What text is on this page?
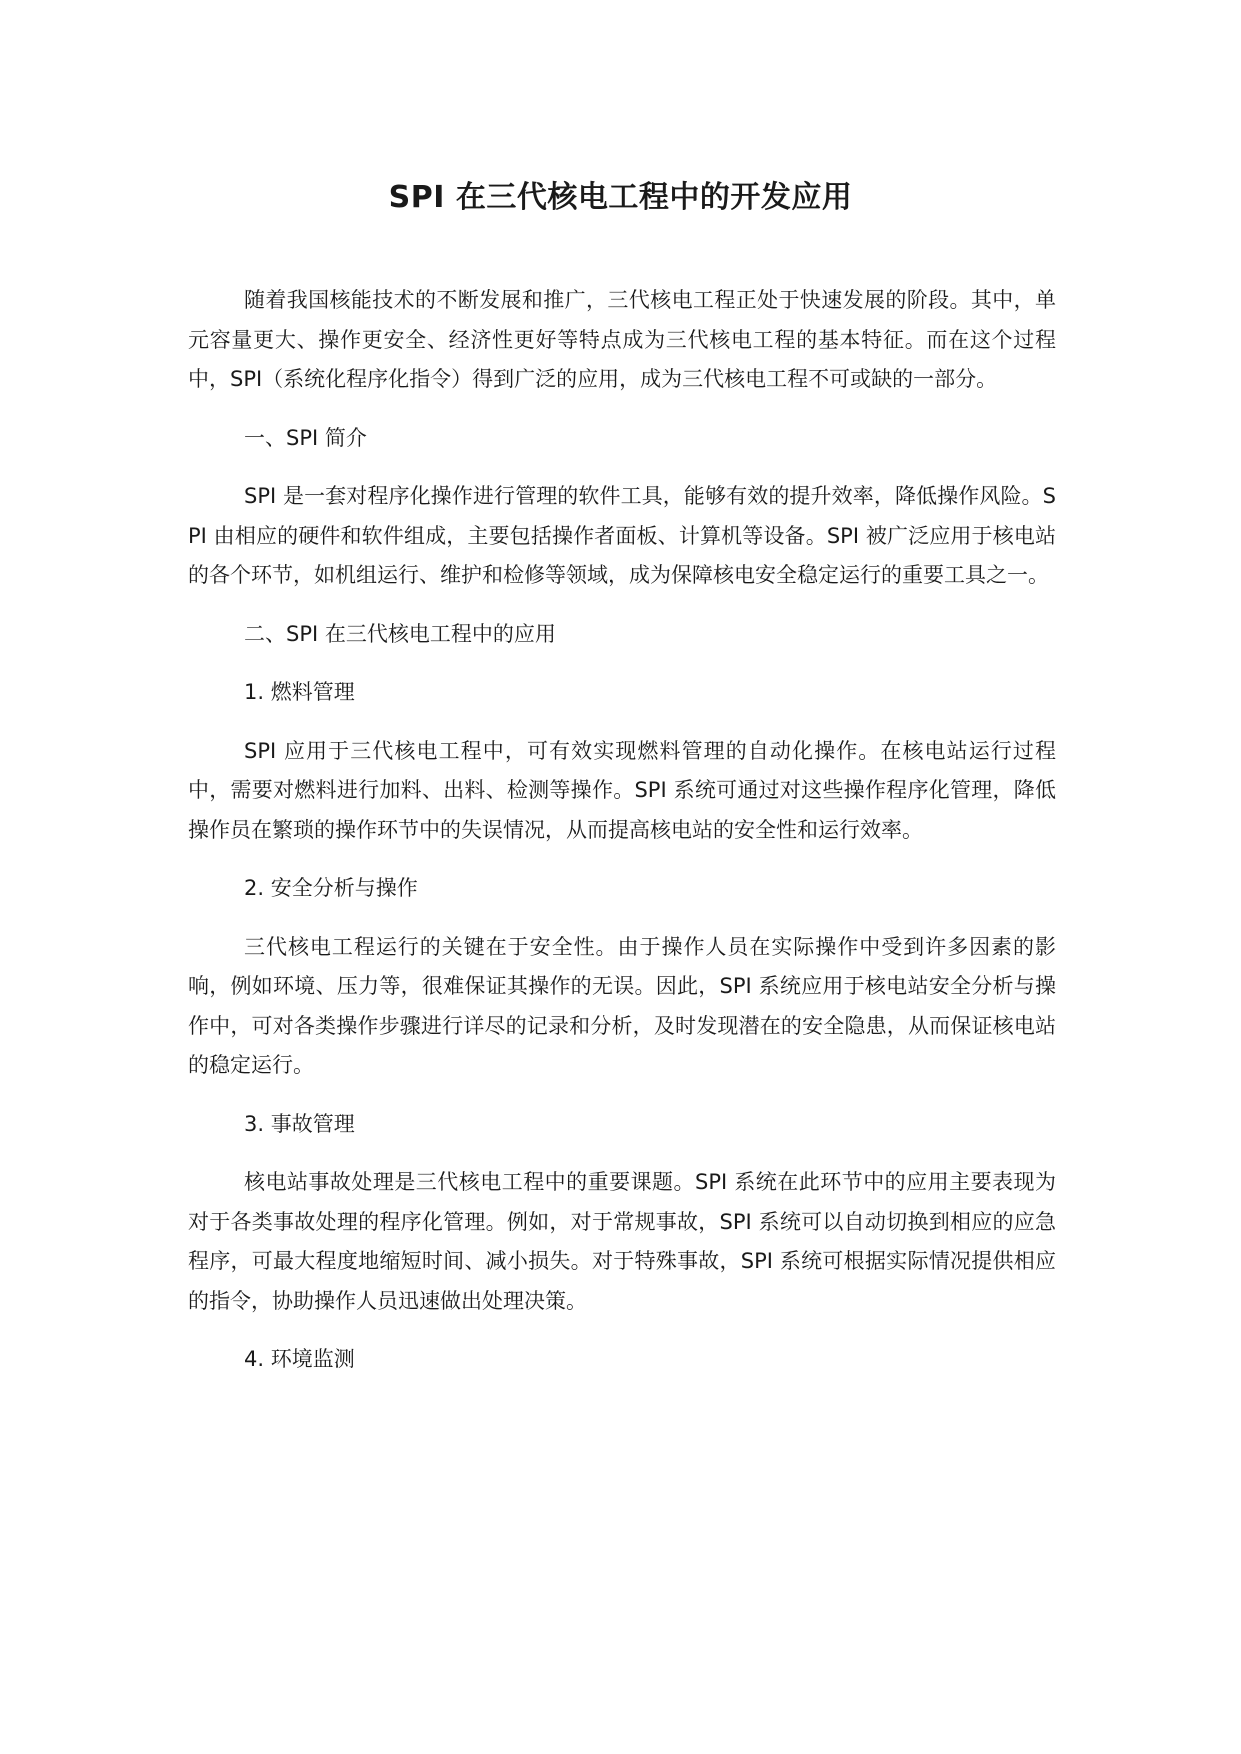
SPI 在三代核电工程中的开发应用

随着我国核能技术的不断发展和推广，三代核电工程正处于快速发展的阶段。其中，单元容量更大、操作更安全、经济性更好等特点成为三代核电工程的基本特征。而在这个过程中，SPI（系统化程序化指令）得到广泛的应用，成为三代核电工程不可或缺的一部分。

一、SPI 简介

SPI 是一套对程序化操作进行管理的软件工具，能够有效的提升效率，降低操作风险。SPI 由相应的硬件和软件组成，主要包括操作者面板、计算机等设备。SPI 被广泛应用于核电站的各个环节，如机组运行、维护和检修等领域，成为保障核电安全稳定运行的重要工具之一。

二、SPI 在三代核电工程中的应用

1. 燃料管理

SPI 应用于三代核电工程中，可有效实现燃料管理的自动化操作。在核电站运行过程中，需要对燃料进行加料、出料、检测等操作。SPI 系统可通过对这些操作程序化管理，降低操作员在繁琐的操作环节中的失误情况，从而提高核电站的安全性和运行效率。

2. 安全分析与操作

三代核电工程运行的关键在于安全性。由于操作人员在实际操作中受到许多因素的影响，例如环境、压力等，很难保证其操作的无误。因此，SPI 系统应用于核电站安全分析与操作中，可对各类操作步骤进行详尽的记录和分析，及时发现潜在的安全隐患，从而保证核电站的稳定运行。

3. 事故管理

核电站事故处理是三代核电工程中的重要课题。SPI 系统在此环节中的应用主要表现为对于各类事故处理的程序化管理。例如，对于常规事故，SPI 系统可以自动切换到相应的应急程序，可最大程度地缩短时间、减小损失。对于特殊事故，SPI 系统可根据实际情况提供相应的指令，协助操作人员迅速做出处理决策。

4. 环境监测
